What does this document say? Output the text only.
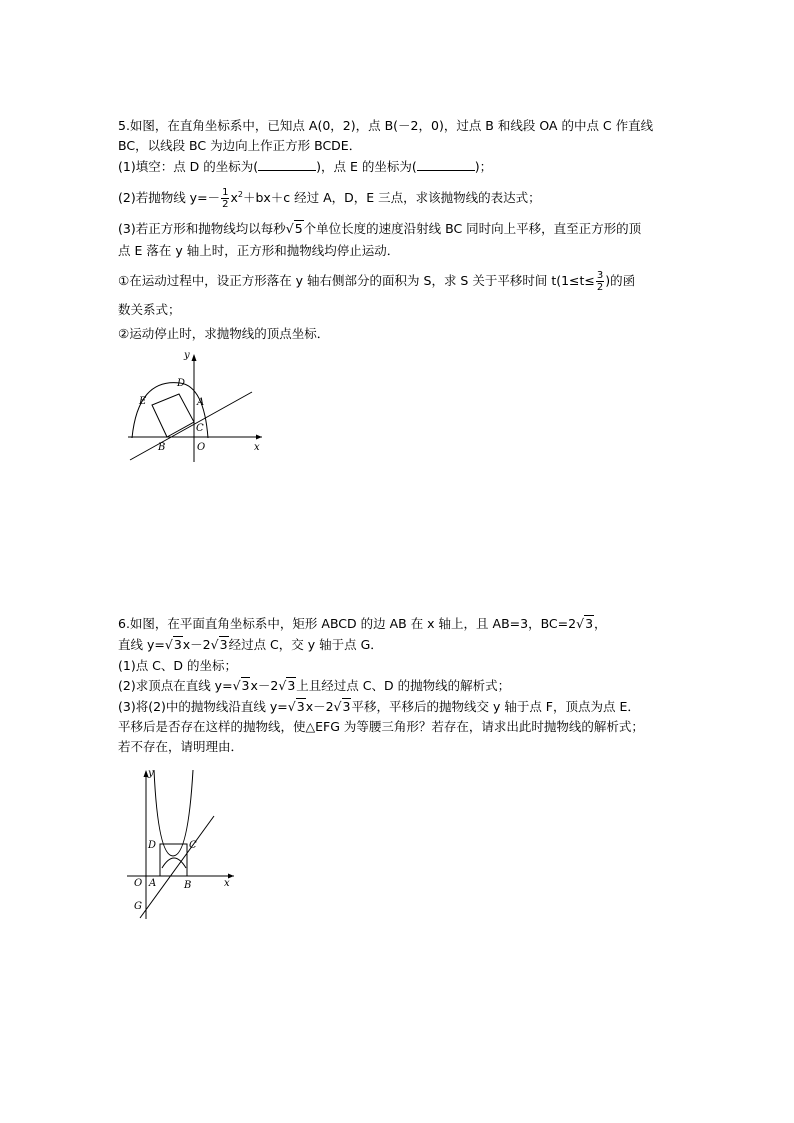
5.如图，在直角坐标系中，已知点 A(0，2)，点 B(－2，0)，过点 B 和线段 OA 的中点 C 作直线
BC，以线段 BC 为边向上作正方形 BCDE．
(1)填空：点 D 的坐标为(	)，点 E 的坐标为(	)；
(2)若抛物线 $y=- \frac{1}{2} x^2+bx+c$ 经过 A，D，E 三点，求该抛物线的表达式；
(3)若正方形和抛物线均以每秒√5个单位长度的速度沿射线 BC 同时向上平移，直至正方形的顶
点 E 落在 y 轴上时，正方形和抛物线均停止运动．
①在运动过程中，设正方形落在 y 轴右侧部分的面积为 S，求 S 关于平移时间 $t(1\le t\le \frac{3}{2}$ )的函
数关系式；
②运动停止时，求抛物线的顶点坐标．
y
x
D
E	A
C
B	O
6.如图，在平面直角坐标系中，矩形 ABCD 的边 AB 在 x 轴上，且 AB=3，BC=2√3，
直线 y=√3x－2√3经过点 C，交 y 轴于点 G．
(1)点 C、D 的坐标；
(2)求顶点在直线 y=√3x－2√3上且经过点 C、D 的抛物线的解析式；
(3)将(2)中的抛物线沿直线 y=√3x－2√3平移，平移后的抛物线交 y 轴于点 F，顶点为点 E．
平移后是否存在这样的抛物线，使△EFG 为等腰三角形？若存在，请求出此时抛物线的解析式；
若不存在，请明理由．
y
x
D	C
O A	B
G
